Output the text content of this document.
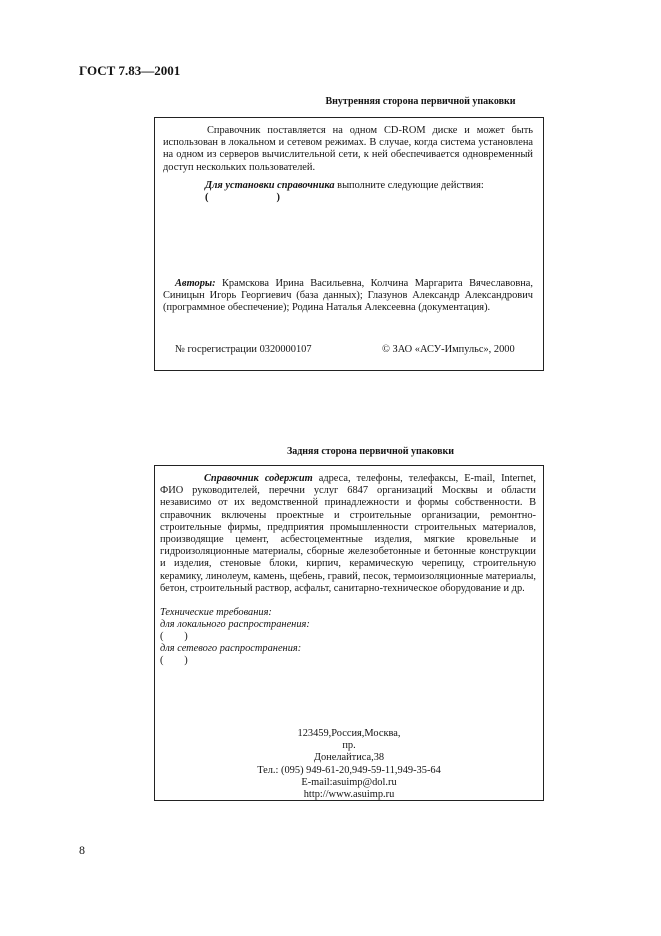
ГОСТ 7.83—2001
Внутренняя сторона первичной упаковки
Справочник поставляется на одном CD-ROM диске и может быть использован в локальном и сетевом режимах. В случае, когда система установлена на одном из серверов вычислительной сети, к ней обеспечивается одновременный доступ нескольких пользователей.
Для установки справочника выполните следующие действия:
(	)
Авторы: Крамскова Ирина Васильевна, Колчина Маргарита Вячеславовна, Синицын Игорь Георгиевич (база данных); Глазунов Александр Александрович (программное обеспечение); Родина Наталья Алексеевна (документация).
№ госрегистрации 0320000107	© ЗАО «АСУ-Импульс», 2000
Задняя сторона первичной упаковки
Справочник содержит адреса, телефоны, телефаксы, E-mail, Internet, ФИО руководителей, перечни услуг 6847 организаций Москвы и области независимо от их ведомственной принадлежности и формы собственности. В справочник включены проектные и строительные организации, ремонтно-строительные фирмы, предприятия промышленности строительных материалов, производящие цемент, асбестоцементные изделия, мягкие кровельные и гидроизоляционные материалы, сборные железобетонные и бетонные конструкции и изделия, стеновые блоки, кирпич, керамическую черепицу, строительную керамику, линолеум, камень, щебень, гравий, песок, термоизоляционные материалы, бетон, строительный раствор, асфальт, санитарно-техническое оборудование и др.
Технические требования:
для локального распространения:
(        )
для сетевого распространения:
(        )
123459,Россия,Москва,
пр.
Донелайтиса,38
Тел.: (095) 949-61-20,949-59-11,949-35-64
E-mail:asuimp@dol.ru
http://www.asuimp.ru
8
